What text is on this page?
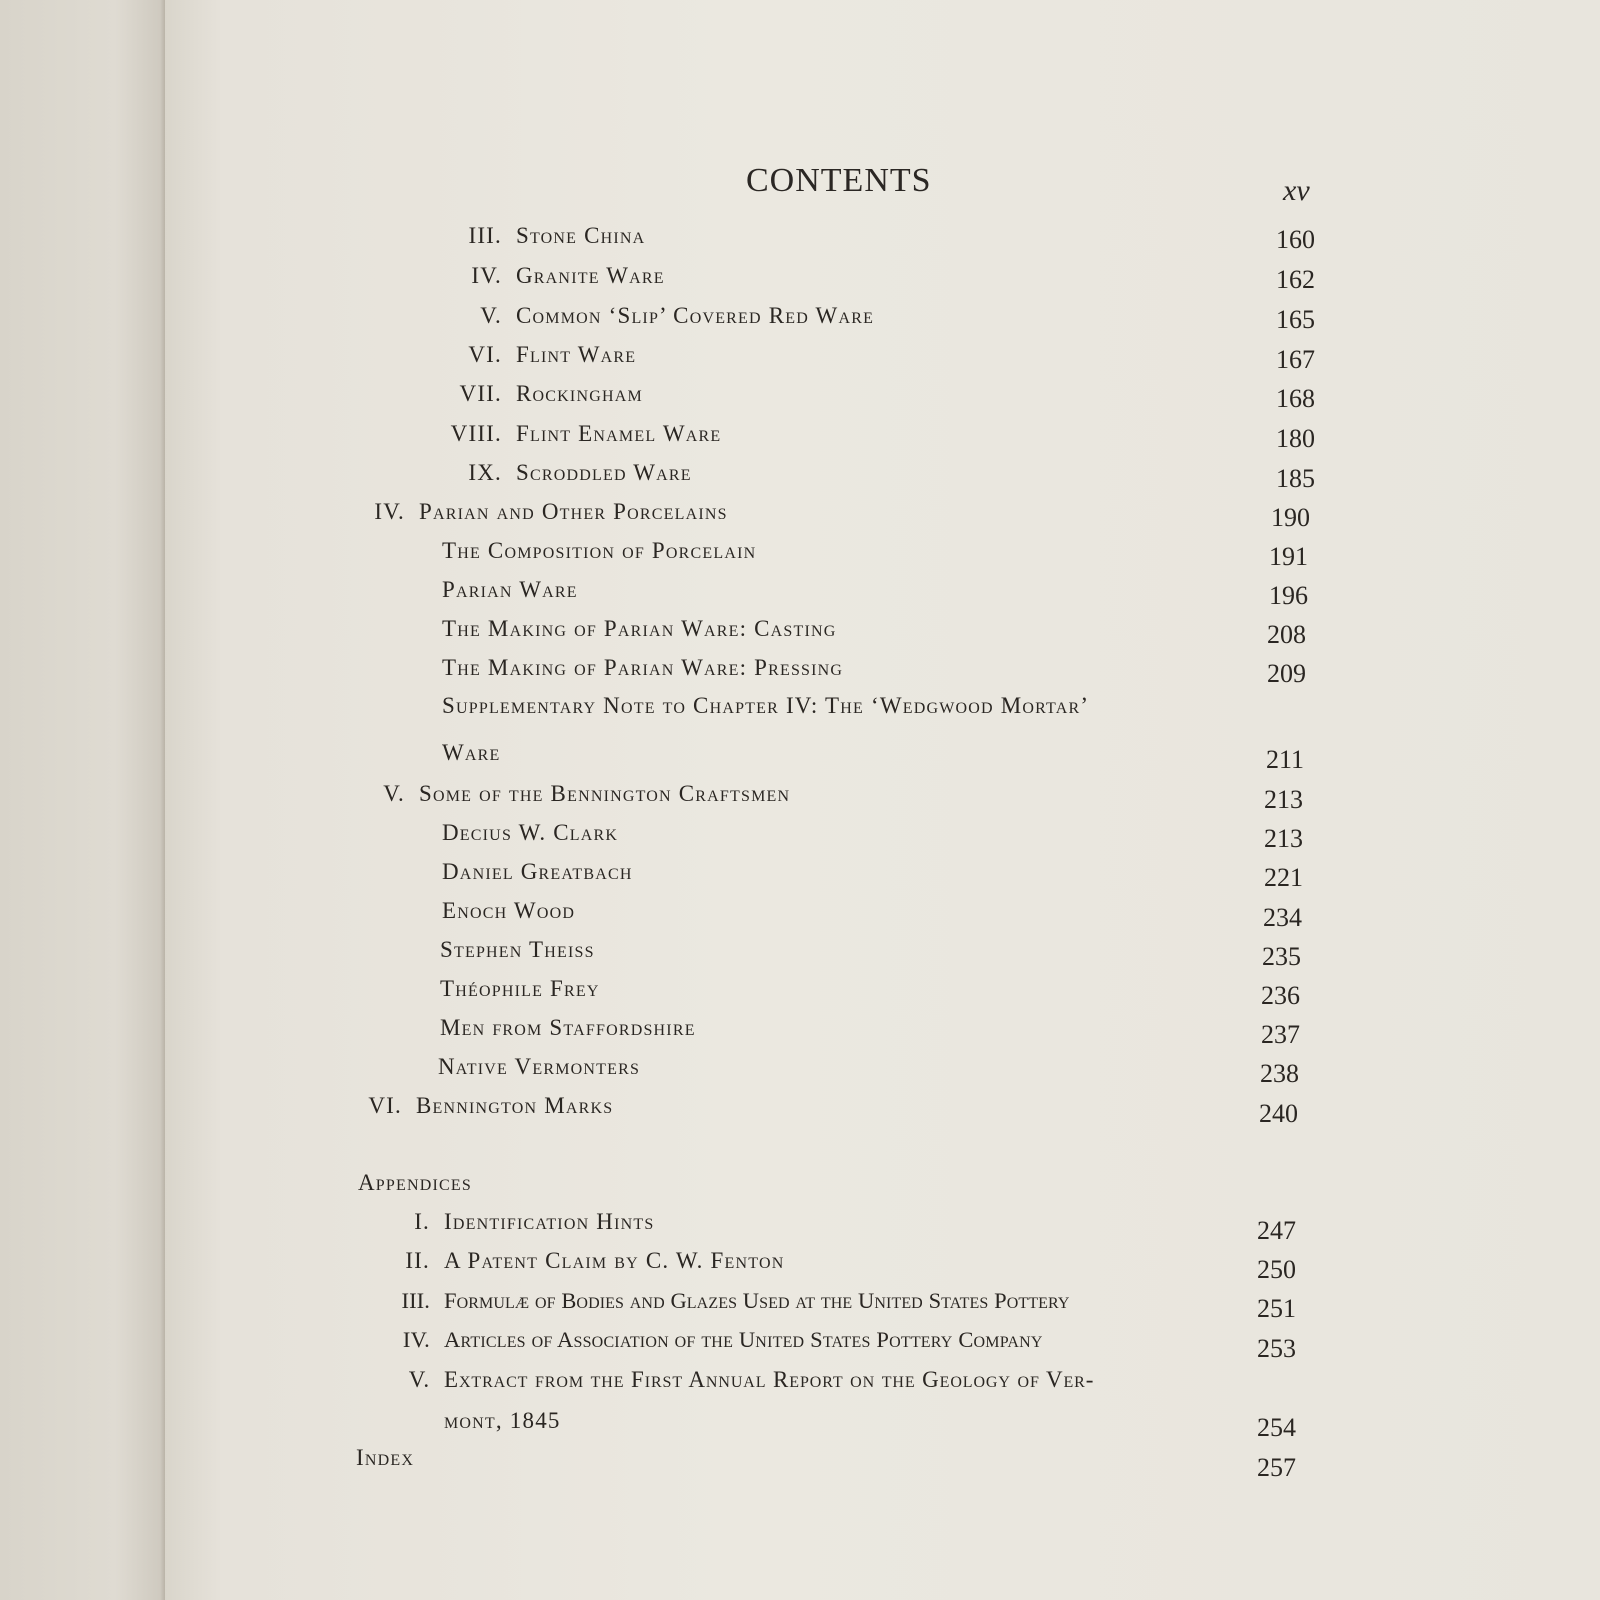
CONTENTS	xv
III. Stone China	160
IV. Granite Ware	162
V. Common ‘Slip’ Covered Red Ware	165
VI. Flint Ware	167
VII. Rockingham	168
VIII. Flint Enamel Ware	180
IX. Scroddled Ware	185
IV. Parian and Other Porcelains	190
The Composition of Porcelain	191
Parian Ware	196
The Making of Parian Ware: Casting	208
The Making of Parian Ware: Pressing	209
Supplementary Note to Chapter IV: The ‘Wedgwood Mortar’
Ware	211
V. Some of the Bennington Craftsmen	213
Decius W. Clark	213
Daniel Greatbach	221
Enoch Wood	234
Stephen Theiss	235
Théophile Frey	236
Men from Staffordshire	237
Native Vermonters	238
VI. Bennington Marks	240
Appendices
I. Identification Hints	247
II. A Patent Claim by C. W. Fenton	250
III. Formulæ of Bodies and Glazes Used at the United States Pottery	251
IV. Articles of Association of the United States Pottery Company	253
V. Extract from the First Annual Report on the Geology of Ver-
mont, 1845	254
Index	257
